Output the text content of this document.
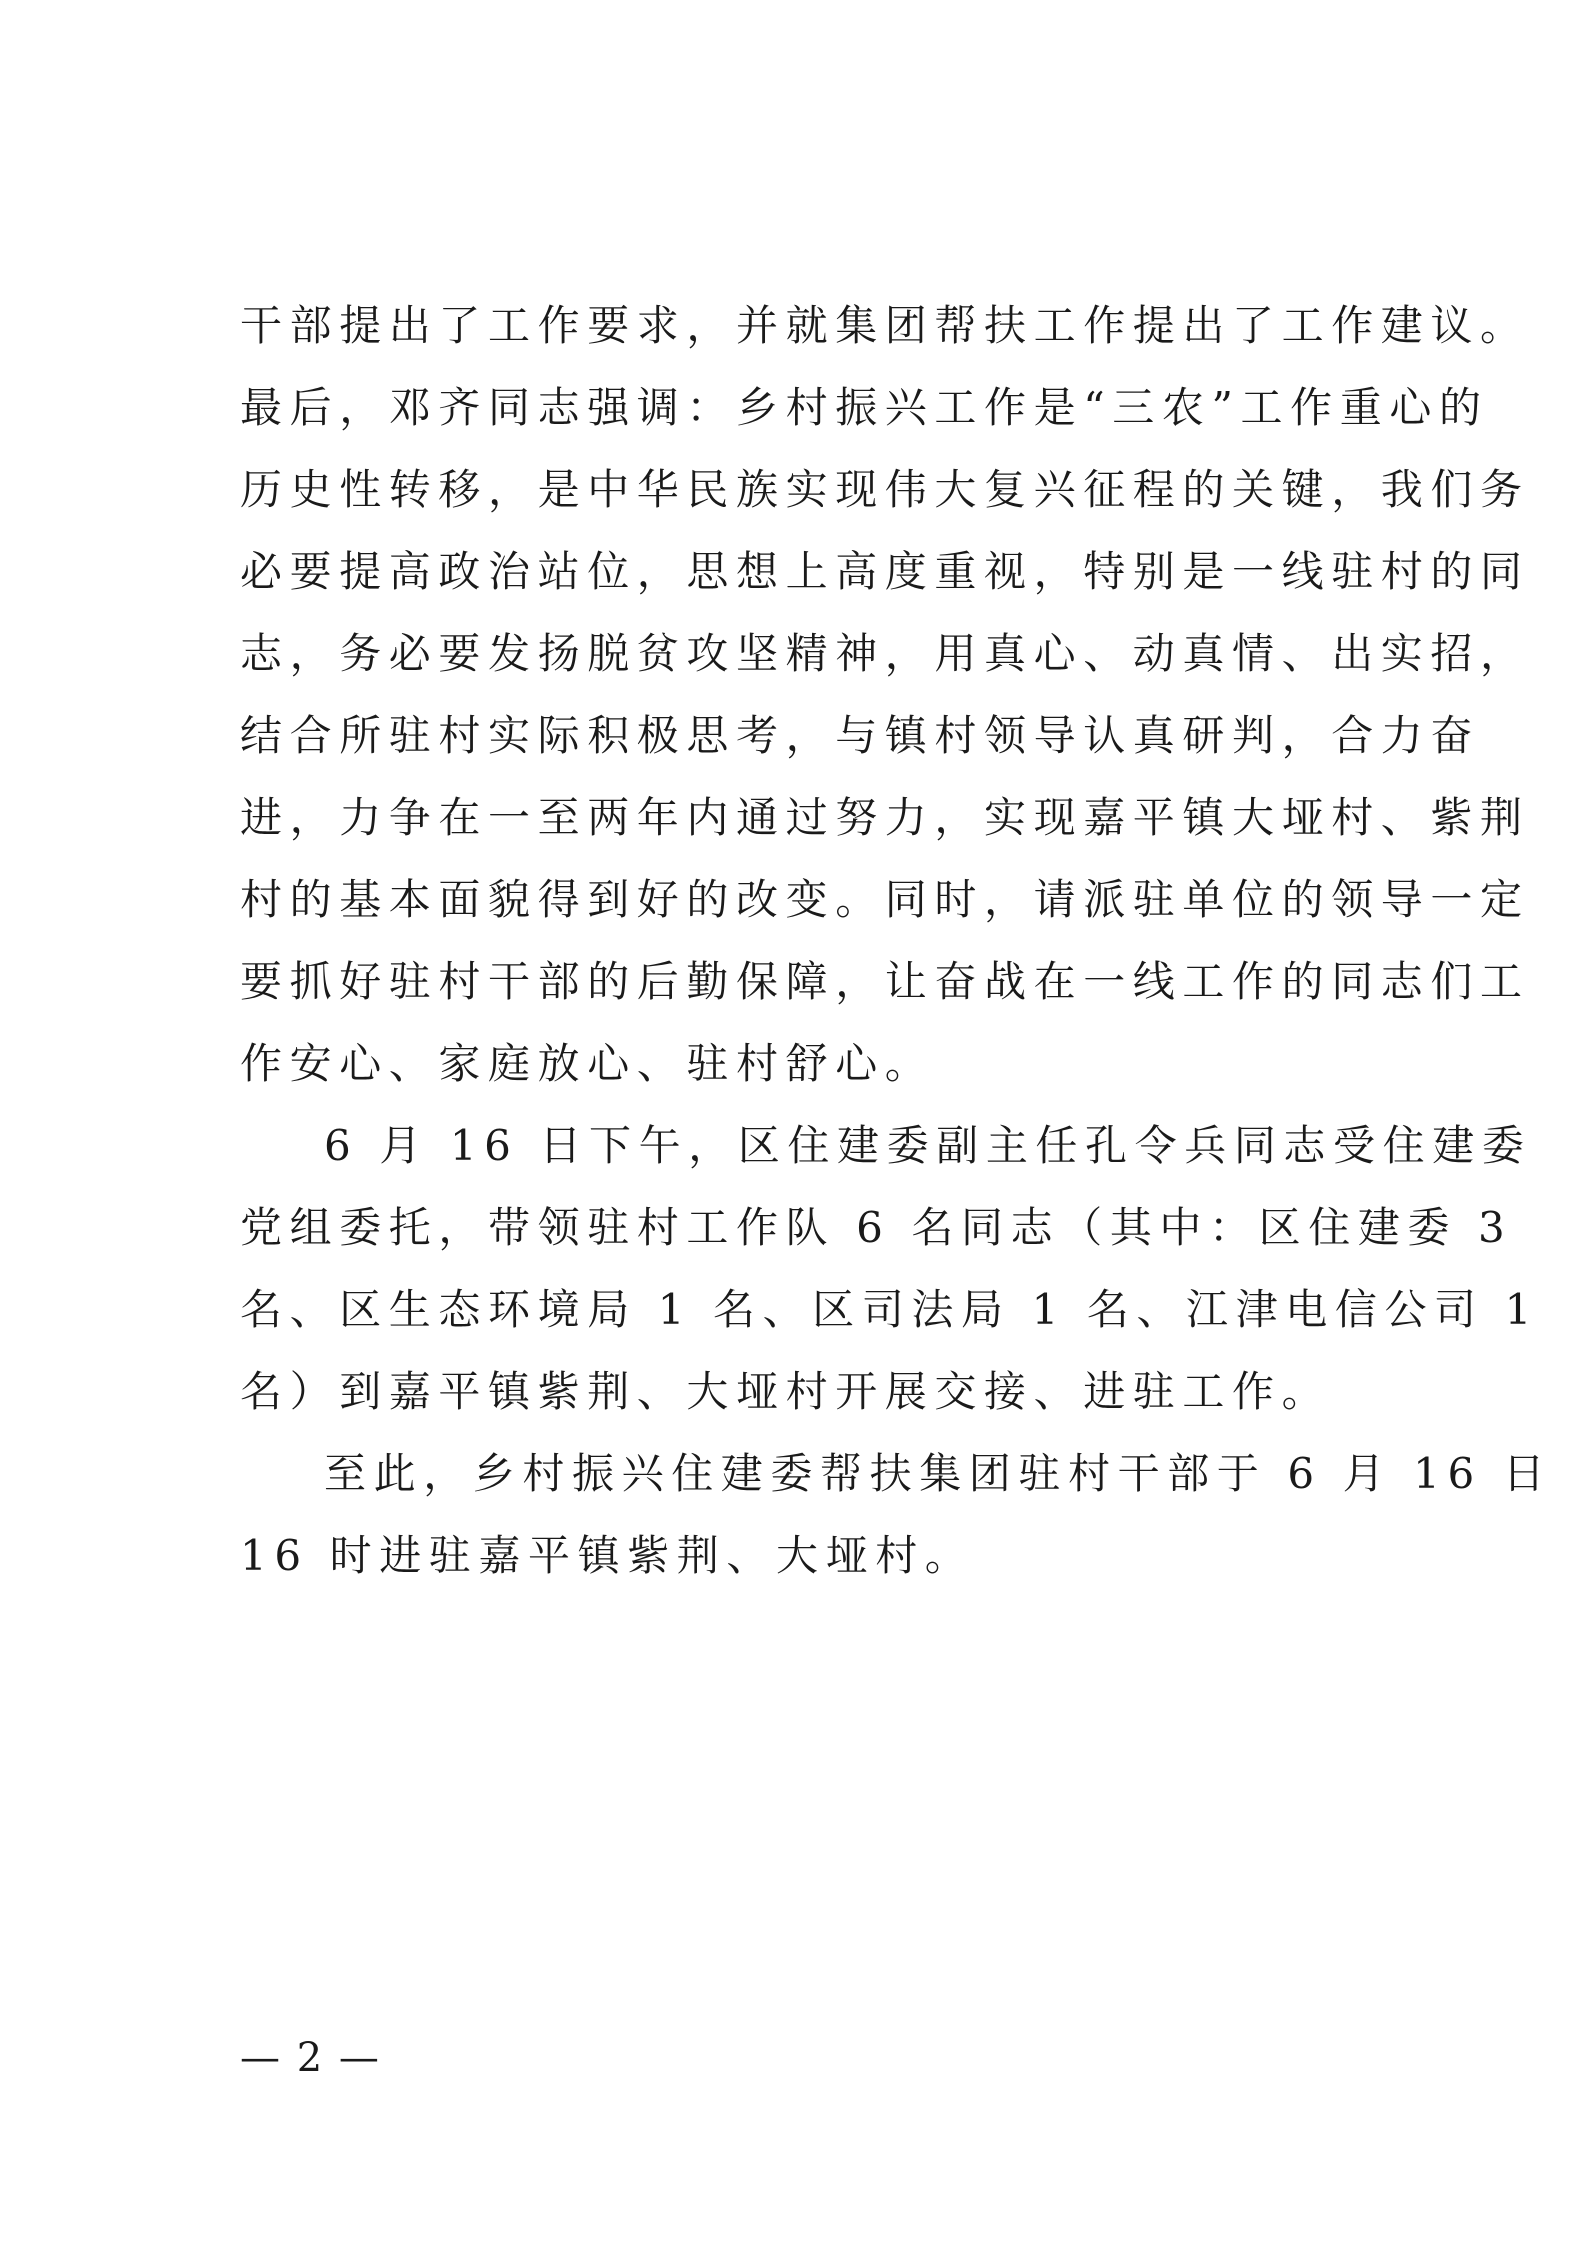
干部提出了工作要求，并就集团帮扶工作提出了工作建议。
最后，邓齐同志强调：乡村振兴工作是“三农”工作重心的
历史性转移，是中华民族实现伟大复兴征程的关键，我们务
必要提高政治站位，思想上高度重视，特别是一线驻村的同
志，务必要发扬脱贫攻坚精神，用真心、动真情、出实招，
结合所驻村实际积极思考，与镇村领导认真研判，合力奋
进，力争在一至两年内通过努力，实现嘉平镇大垭村、紫荆
村的基本面貌得到好的改变。同时，请派驻单位的领导一定
要抓好驻村干部的后勤保障，让奋战在一线工作的同志们工
作安心、家庭放心、驻村舒心。
6 月 16 日下午，区住建委副主任孔令兵同志受住建委
党组委托，带领驻村工作队 6 名同志（其中：区住建委 3
名、区生态环境局 1 名、区司法局 1 名、江津电信公司 1
名）到嘉平镇紫荆、大垭村开展交接、进驻工作。
至此，乡村振兴住建委帮扶集团驻村干部于 6 月 16 日
16 时进驻嘉平镇紫荆、大垭村。
— 2 —
